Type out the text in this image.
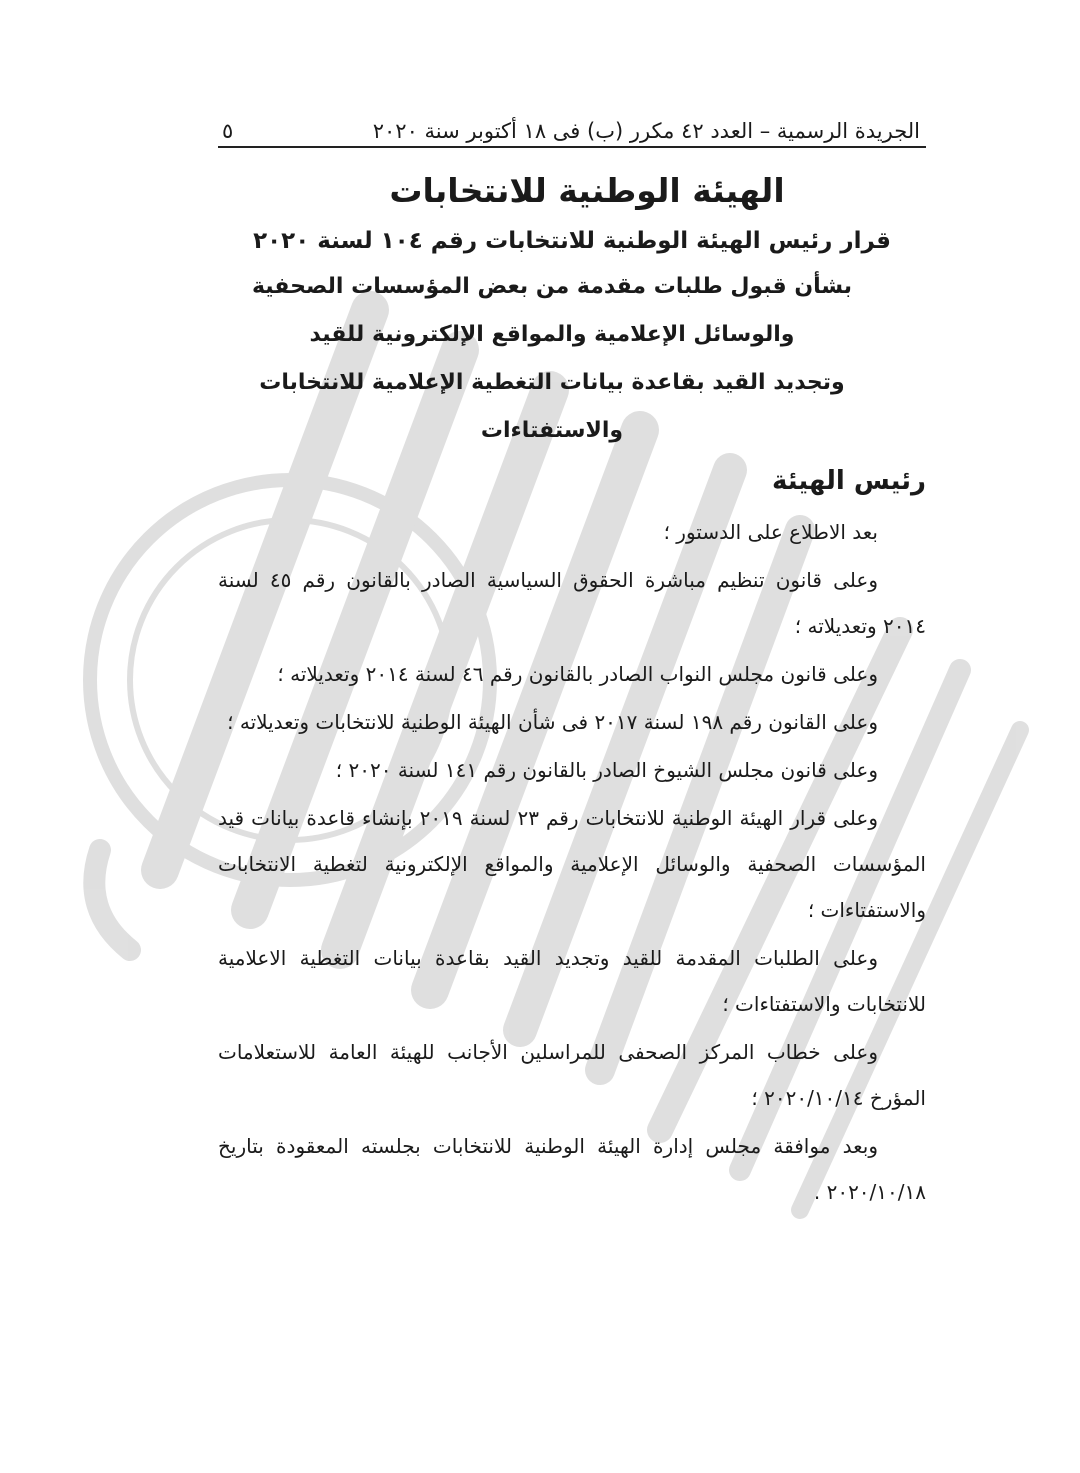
الجريدة الرسمية – العدد ٤٢ مكرر (ب) فى ١٨ أكتوبر سنة ٢٠٢٠
٥
الهيئة الوطنية للانتخابات
قرار رئيس الهيئة الوطنية للانتخابات رقم ١٠٤ لسنة ٢٠٢٠
بشأن قبول طلبات مقدمة من بعض المؤسسات الصحفية
والوسائل الإعلامية والمواقع الإلكترونية للقيد
وتجديد القيد بقاعدة بيانات التغطية الإعلامية للانتخابات والاستفتاءات
رئيس الهيئة

بعد الاطلاع على الدستور ؛

وعلى قانون تنظيم مباشرة الحقوق السياسية الصادر بالقانون رقم ٤٥ لسنة ٢٠١٤ وتعديلاته ؛

وعلى قانون مجلس النواب الصادر بالقانون رقم ٤٦ لسنة ٢٠١٤ وتعديلاته ؛

وعلى القانون رقم ١٩٨ لسنة ٢٠١٧ فى شأن الهيئة الوطنية للانتخابات وتعديلاته ؛

وعلى قانون مجلس الشيوخ الصادر بالقانون رقم ١٤١ لسنة ٢٠٢٠ ؛

وعلى قرار الهيئة الوطنية للانتخابات رقم ٢٣ لسنة ٢٠١٩ بإنشاء قاعدة بيانات قيد المؤسسات الصحفية والوسائل الإعلامية والمواقع الإلكترونية لتغطية الانتخابات والاستفتاءات ؛

وعلى الطلبات المقدمة للقيد وتجديد القيد بقاعدة بيانات التغطية الاعلامية للانتخابات والاستفتاءات ؛

وعلى خطاب المركز الصحفى للمراسلين الأجانب للهيئة العامة للاستعلامات المؤرخ ٢٠٢٠/١٠/١٤ ؛

وبعد موافقة مجلس إدارة الهيئة الوطنية للانتخابات بجلسته المعقودة بتاريخ ٢٠٢٠/١٠/١٨ .
